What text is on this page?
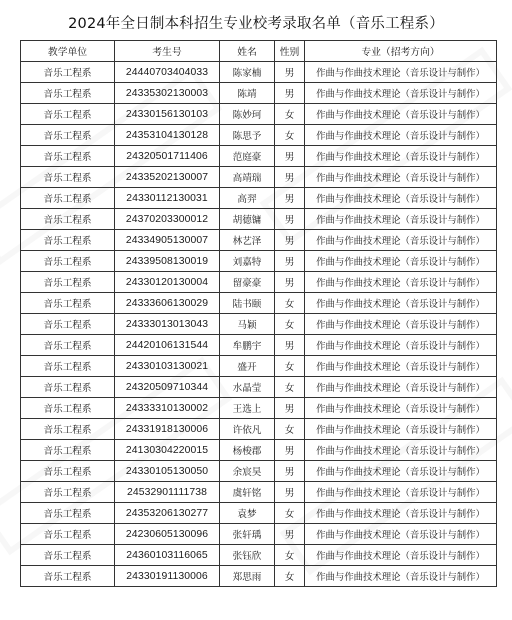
2024年全日制本科招生专业校考录取名单（音乐工程系）
教学单位	考生号	姓名	性别	专业（招考方向）
音乐工程系	24440703404033	陈家楠	男	作曲与作曲技术理论（音乐设计与制作）
音乐工程系	24335302130003	陈靖	男	作曲与作曲技术理论（音乐设计与制作）
音乐工程系	24330156130103	陈妙珂	女	作曲与作曲技术理论（音乐设计与制作）
音乐工程系	24353104130128	陈思予	女	作曲与作曲技术理论（音乐设计与制作）
音乐工程系	24320501711406	范庭豪	男	作曲与作曲技术理论（音乐设计与制作）
音乐工程系	24335202130007	高靖瑞	男	作曲与作曲技术理论（音乐设计与制作）
音乐工程系	24330112130031	高羿	男	作曲与作曲技术理论（音乐设计与制作）
音乐工程系	24370203300012	胡德镛	男	作曲与作曲技术理论（音乐设计与制作）
音乐工程系	24334905130007	林艺泽	男	作曲与作曲技术理论（音乐设计与制作）
音乐工程系	24339508130019	刘嘉特	男	作曲与作曲技术理论（音乐设计与制作）
音乐工程系	24330120130004	留豪豪	男	作曲与作曲技术理论（音乐设计与制作）
音乐工程系	24333606130029	陆书颐	女	作曲与作曲技术理论（音乐设计与制作）
音乐工程系	24333013013043	马颖	女	作曲与作曲技术理论（音乐设计与制作）
音乐工程系	24420106131544	牟鹏宇	男	作曲与作曲技术理论（音乐设计与制作）
音乐工程系	24330103130021	盛开	女	作曲与作曲技术理论（音乐设计与制作）
音乐工程系	24320509710344	水晶莹	女	作曲与作曲技术理论（音乐设计与制作）
音乐工程系	24333310130002	王选上	男	作曲与作曲技术理论（音乐设计与制作）
音乐工程系	24331918130006	许依凡	女	作曲与作曲技术理论（音乐设计与制作）
音乐工程系	24130304220015	杨梭郡	男	作曲与作曲技术理论（音乐设计与制作）
音乐工程系	24330105130050	余宸昊	男	作曲与作曲技术理论（音乐设计与制作）
音乐工程系	24532901111738	虞轩铭	男	作曲与作曲技术理论（音乐设计与制作）
音乐工程系	24353206130277	袁梦	女	作曲与作曲技术理论（音乐设计与制作）
音乐工程系	24230605130096	张轩瑀	男	作曲与作曲技术理论（音乐设计与制作）
音乐工程系	24360103116065	张钰欣	女	作曲与作曲技术理论（音乐设计与制作）
音乐工程系	24330191130006	郑思雨	女	作曲与作曲技术理论（音乐设计与制作）
